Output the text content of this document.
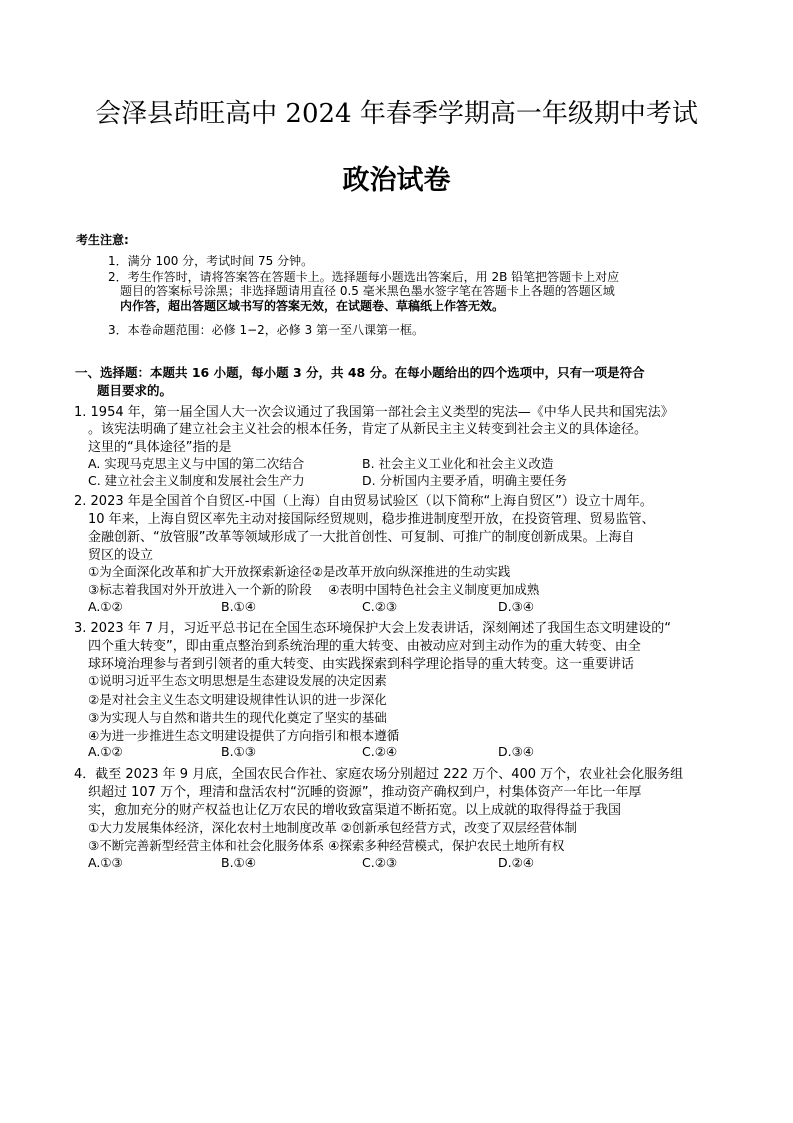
会泽县茚旺高中 2024 年春季学期高一年级期中考试
政治试卷
考生注意:
1．满分 100 分，考试时间 75 分钟。
2．考生作答时，请将答案答在答题卡上。选择题每小题选出答案后，用 2B 铅笔把答题卡上对应
题目的答案标号涂黑；非选择题请用直径 0.5 毫米黑色墨水签字笔在答题卡上各题的答题区域
内作答，超出答题区域书写的答案无效，在试题卷、草稿纸上作答无效。
3．本卷命题范围：必修 1−2，必修 3 第一至八课第一框。
一、选择题：本题共 16 小题，每小题 3 分，共 48 分。在每小题给出的四个选项中，只有一项是符合
题目要求的。
1. 1954 年，第一届全国人大一次会议通过了我国第一部社会主义类型的宪法—《中华人民共和国宪法》
。该宪法明确了建立社会主义社会的根本任务，肯定了从新民主主义转变到社会主义的具体途径。
这里的“具体途径”指的是
A. 实现马克思主义与中国的第二次结合	B. 社会主义工业化和社会主义改造
C. 建立社会主义制度和发展社会生产力	D. 分析国内主要矛盾，明确主要任务
2. 2023 年是全国首个自贸区-中国（上海）自由贸易试验区（以下简称“上海自贸区”）设立十周年。
10 年来，上海自贸区率先主动对接国际经贸规则，稳步推进制度型开放，在投资管理、贸易监管、
金融创新、“放管服”改革等领域形成了一大批首创性、可复制、可推广的制度创新成果。上海自
贸区的设立
①为全面深化改革和扩大开放探索新途径②是改革开放向纵深推进的生动实践
③标志着我国对外开放进入一个新的阶段　 ④表明中国特色社会主义制度更加成熟
A.①②	B.①④	C.②③	D.③④
3. 2023 年 7 月，习近平总书记在全国生态环境保护大会上发表讲话，深刻阐述了我国生态文明建设的“
四个重大转变”，即由重点整治到系统治理的重大转变、由被动应对到主动作为的重大转变、由全
球环境治理参与者到引领者的重大转变、由实践探索到科学理论指导的重大转变。这一重要讲话
①说明习近平生态文明思想是生态建设发展的决定因素
②是对社会主义生态文明建设规律性认识的进一步深化
③为实现人与自然和谐共生的现代化奠定了坚实的基础
④为进一步推进生态文明建设提供了方向指引和根本遵循
A.①②	B.①③	C.②④	D.③④
4．截至 2023 年 9 月底，全国农民合作社、家庭农场分别超过 222 万个、400 万个，农业社会化服务组
织超过 107 万个，理清和盘活农村“沉睡的资源”，推动资产确权到户，村集体资产一年比一年厚
实，愈加充分的财产权益也让亿万农民的增收致富渠道不断拓宽。以上成就的取得得益于我国
①大力发展集体经济，深化农村土地制度改革 ②创新承包经营方式，改变了双层经营体制
③不断完善新型经营主体和社会化服务体系 ④探索多种经营模式，保护农民土地所有权
A.①③	B.①④	C.②③	D.②④
